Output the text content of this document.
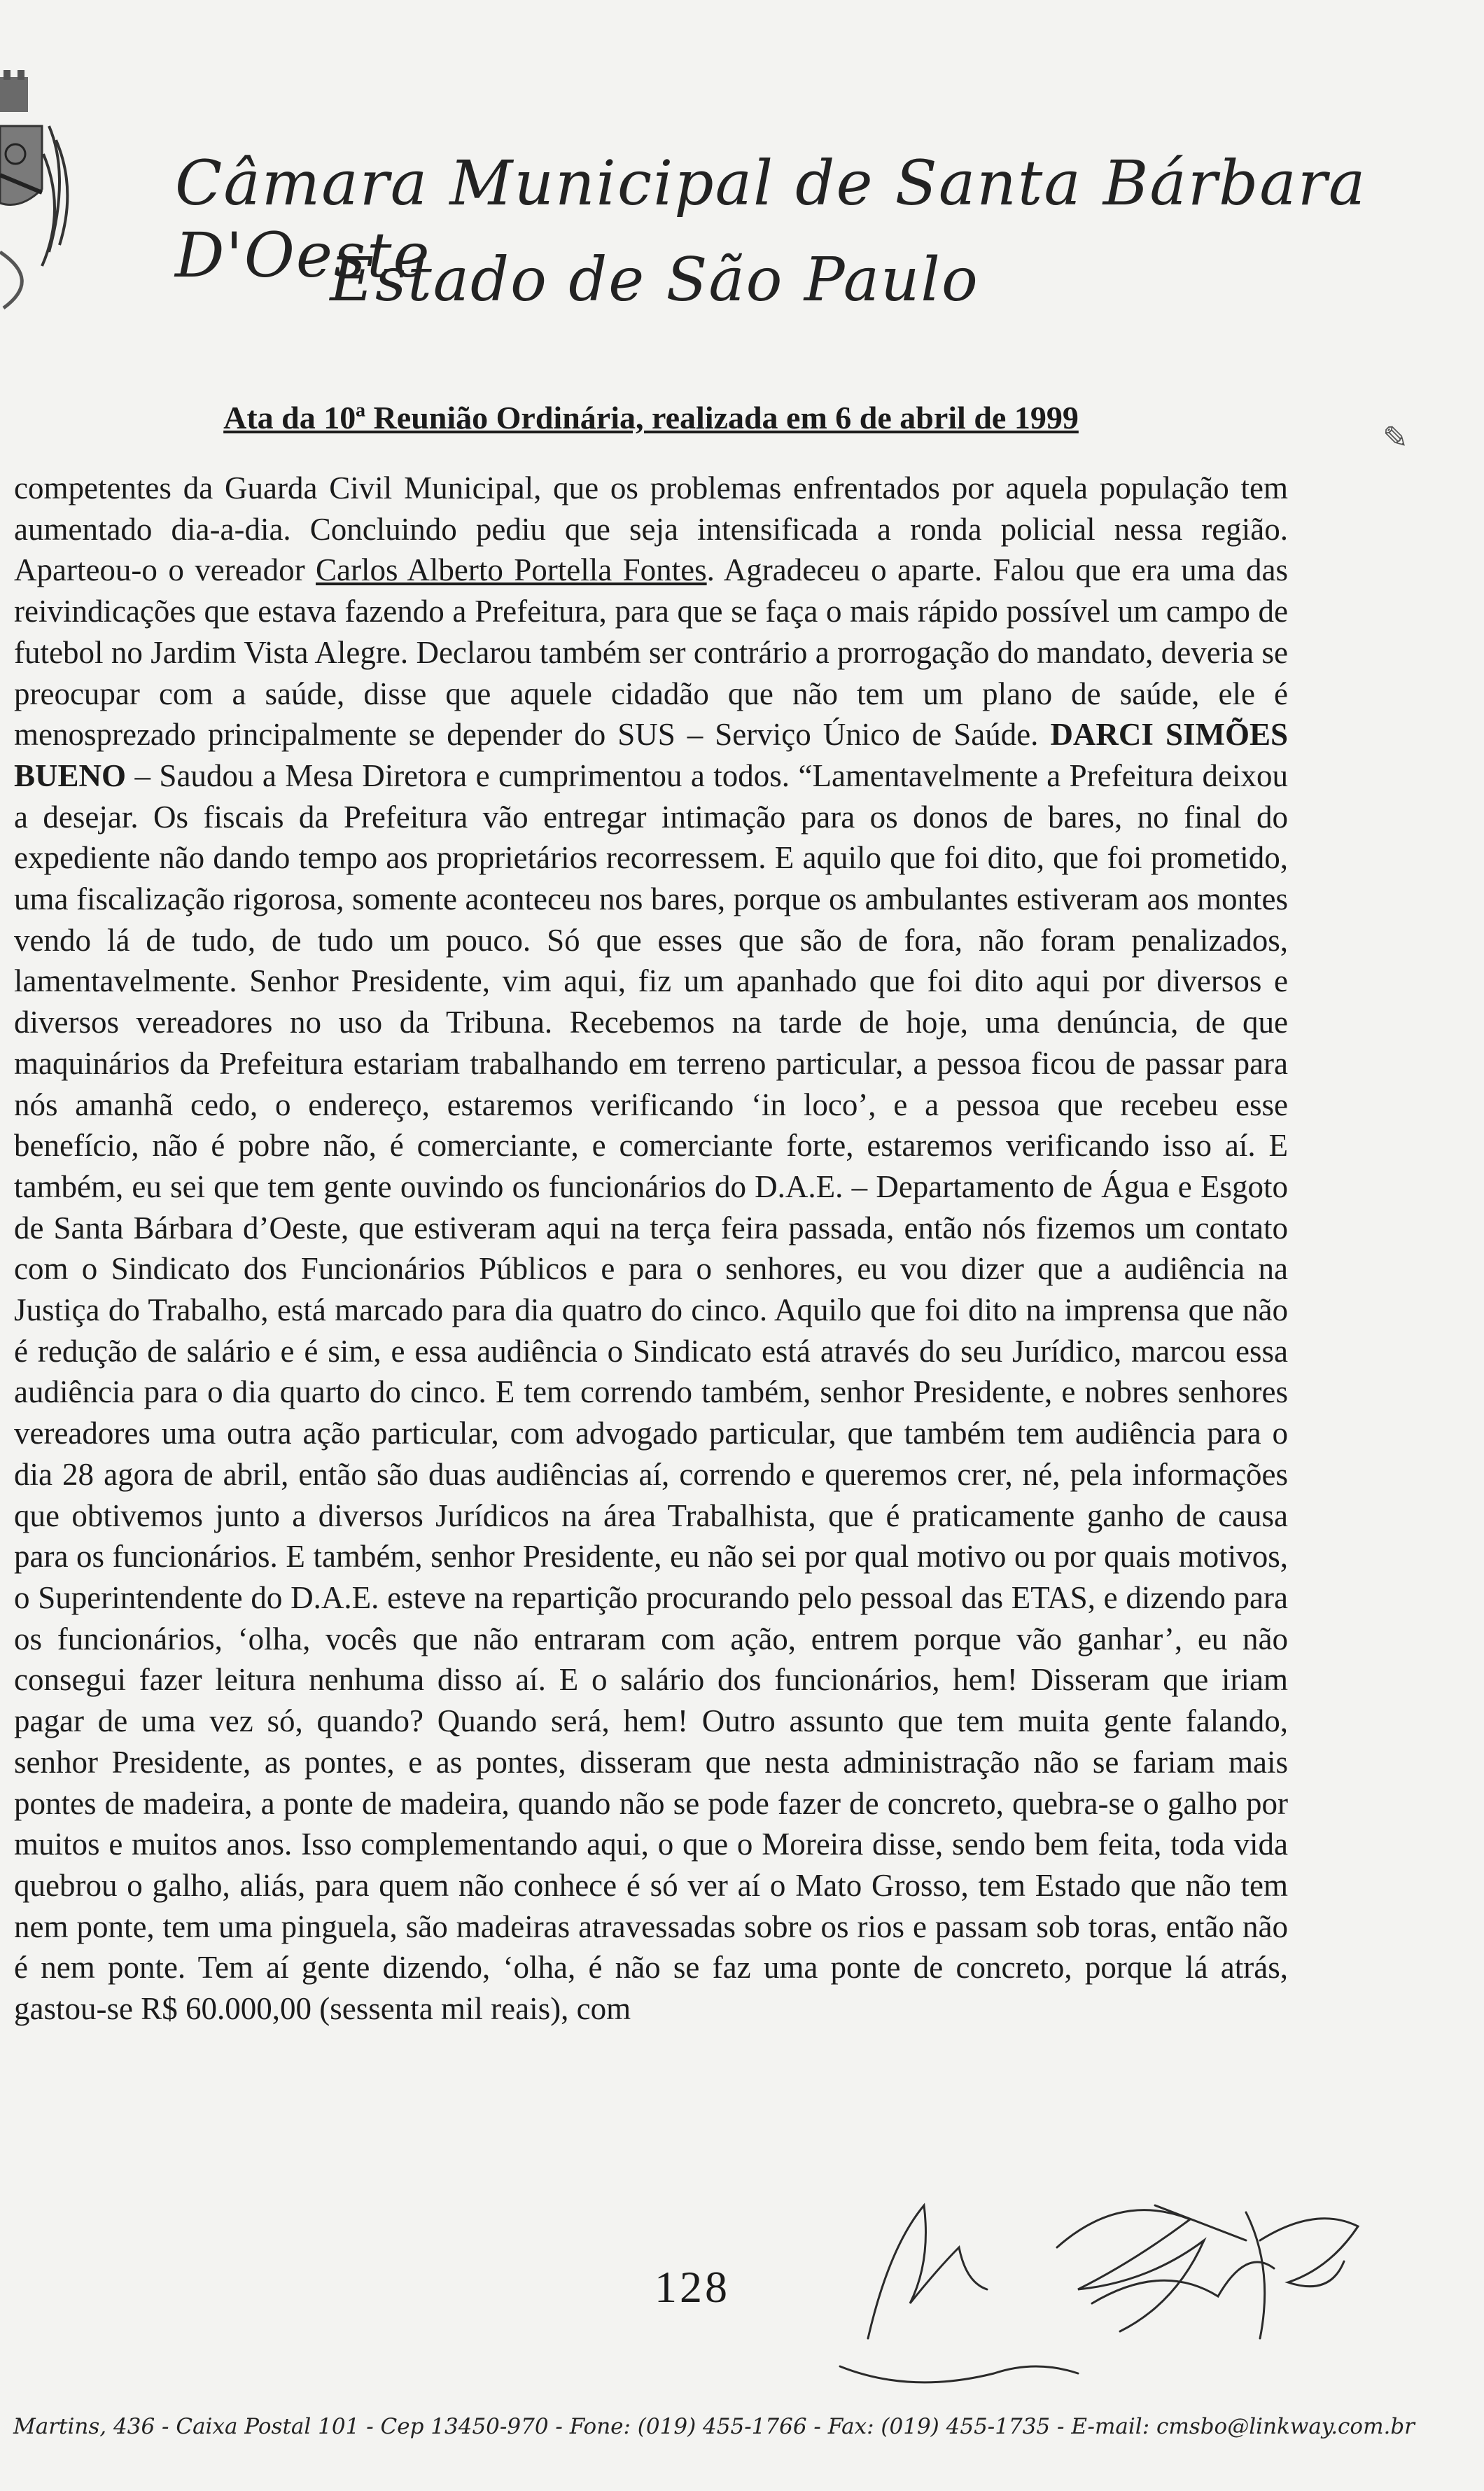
Câmara Municipal de Santa Bárbara D'Oeste
Estado de São Paulo
Ata da 10ª Reunião Ordinária, realizada em 6 de abril de 1999
✎

competentes da Guarda Civil Municipal, que os problemas enfrentados por aquela população tem aumentado dia-a-dia. Concluindo pediu que seja intensificada a ronda policial nessa região. Aparteou-o o vereador Carlos Alberto Portella Fontes. Agradeceu o aparte. Falou que era uma das reivindicações que estava fazendo a Prefeitura, para que se faça o mais rápido possível um campo de futebol no Jardim Vista Alegre. Declarou também ser contrário a prorrogação do mandato, deveria se preocupar com a saúde, disse que aquele cidadão que não tem um plano de saúde, ele é menosprezado principalmente se depender do SUS – Serviço Único de Saúde. DARCI SIMÕES BUENO – Saudou a Mesa Diretora e cumprimentou a todos. “Lamentavelmente a Prefeitura deixou a desejar. Os fiscais da Prefeitura vão entregar intimação para os donos de bares, no final do expediente não dando tempo aos proprietários recorressem. E aquilo que foi dito, que foi prometido, uma fiscalização rigorosa, somente aconteceu nos bares, porque os ambulantes estiveram aos montes vendo lá de tudo, de tudo um pouco. Só que esses que são de fora, não foram penalizados, lamentavelmente. Senhor Presidente, vim aqui, fiz um apanhado que foi dito aqui por diversos e diversos vereadores no uso da Tribuna. Recebemos na tarde de hoje, uma denúncia, de que maquinários da Prefeitura estariam trabalhando em terreno particular, a pessoa ficou de passar para nós amanhã cedo, o endereço, estaremos verificando ‘in loco’, e a pessoa que recebeu esse benefício, não é pobre não, é comerciante, e comerciante forte, estaremos verificando isso aí. E também, eu sei que tem gente ouvindo os funcionários do D.A.E. – Departamento de Água e Esgoto de Santa Bárbara d’Oeste, que estiveram aqui na terça feira passada, então nós fizemos um contato com o Sindicato dos Funcionários Públicos e para o senhores, eu vou dizer que a audiência na Justiça do Trabalho, está marcado para dia quatro do cinco. Aquilo que foi dito na imprensa que não é redução de salário e é sim, e essa audiência o Sindicato está através do seu Jurídico, marcou essa audiência para o dia quarto do cinco. E tem correndo também, senhor Presidente, e nobres senhores vereadores uma outra ação particular, com advogado particular, que também tem audiência para o dia 28 agora de abril, então são duas audiências aí, correndo e queremos crer, né, pela informações que obtivemos junto a diversos Jurídicos na área Trabalhista, que é praticamente ganho de causa para os funcionários. E também, senhor Presidente, eu não sei por qual motivo ou por quais motivos, o Superintendente do D.A.E. esteve na repartição procurando pelo pessoal das ETAS, e dizendo para os funcionários, ‘olha, vocês que não entraram com ação, entrem porque vão ganhar’, eu não consegui fazer leitura nenhuma disso aí. E o salário dos funcionários, hem! Disseram que iriam pagar de uma vez só, quando? Quando será, hem! Outro assunto que tem muita gente falando, senhor Presidente, as pontes, e as pontes, disseram que nesta administração não se fariam mais pontes de madeira, a ponte de madeira, quando não se pode fazer de concreto, quebra-se o galho por muitos e muitos anos. Isso complementando aqui, o que o Moreira disse, sendo bem feita, toda vida quebrou o galho, aliás, para quem não conhece é só ver aí o Mato Grosso, tem Estado que não tem nem ponte, tem uma pinguela, são madeiras atravessadas sobre os rios e passam sob toras, então não é nem ponte. Tem aí gente dizendo, ‘olha, é não se faz uma ponte de concreto, porque lá atrás, gastou-se R$ 60.000,00 (sessenta mil reais), com

128
Martins, 436 - Caixa Postal 101 - Cep 13450-970 - Fone: (019) 455-1766 - Fax: (019) 455-1735 - E-mail: cmsbo@linkway.com.br
